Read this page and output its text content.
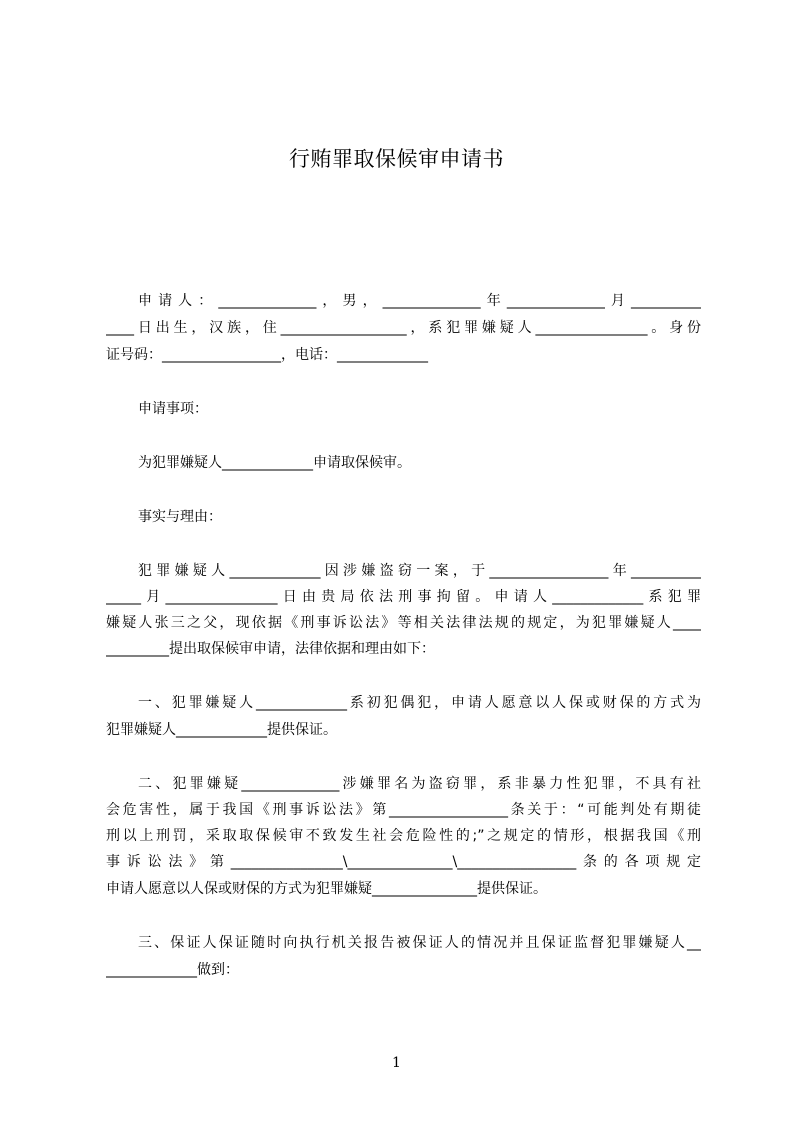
行贿罪取保候审申请书
申请人：______________，男，______________年______________月__________
____日出生，汉族，住__________________，系犯罪嫌疑人________________。身份
证号码：_________________，电话：_____________
申请事项：
为犯罪嫌疑人_____________申请取保候审。
事实与理由：
犯罪嫌疑人_____________因涉嫌盗窃一案，于_________________年__________
_____月________________日由贵局依法刑事拘留。申请人_____________系犯罪
嫌疑人张三之父，现依据《刑事诉讼法》等相关法律法规的规定，为犯罪嫌疑人____
_________提出取保候审申请，法律依据和理由如下：
一、犯罪嫌疑人_____________系初犯偶犯，申请人愿意以人保或财保的方式为
犯罪嫌疑人_____________提供保证。
二、犯罪嫌疑______________涉嫌罪名为盗窃罪，系非暴力性犯罪，不具有社
会危害性，属于我国《刑事诉讼法》第_________________条关于：“可能判处有期徒
刑以上刑罚，采取取保候审不致发生社会危险性的;”之规定的情形，根据我国《刑
事诉讼法》第________________\_______________\_________________条的各项规定
申请人愿意以人保或财保的方式为犯罪嫌疑_______________提供保证。
三、保证人保证随时向执行机关报告被保证人的情况并且保证监督犯罪嫌疑人__
_____________做到：
1
